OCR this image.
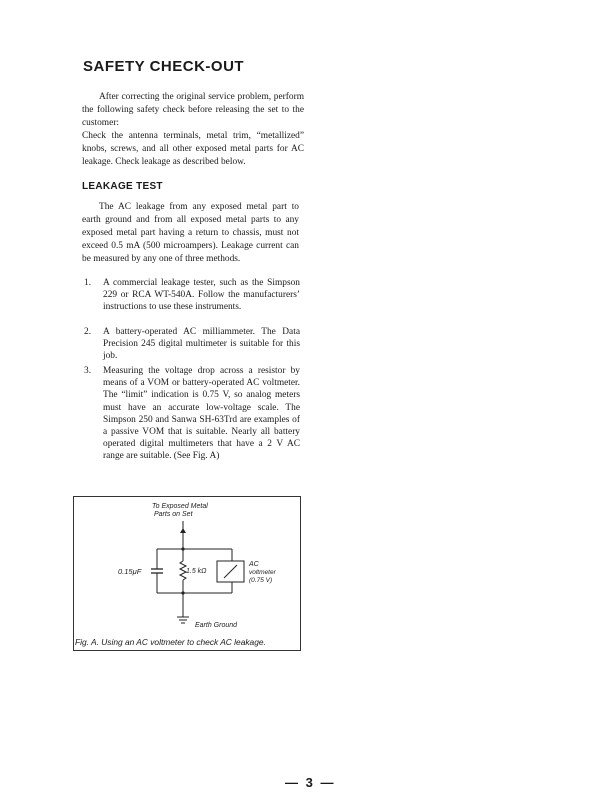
SAFETY CHECK-OUT
After correcting the original service problem, perform the following safety check before releasing the set to the customer:
Check the antenna terminals, metal trim, “metallized” knobs, screws, and all other exposed metal parts for AC leakage. Check leakage as described below.
LEAKAGE TEST
The AC leakage from any exposed metal part to earth ground and from all exposed metal parts to any exposed metal part having a return to chassis, must not exceed 0.5 mA (500 microampers). Leakage current can be measured by any one of three methods.
1.	A commercial leakage tester, such as the Simpson 229 or RCA WT-540A. Follow the manufacturers’ instructions to use these instruments.
2.	A battery-operated AC milliammeter. The Data Precision 245 digital multimeter is suitable for this job.
3.	Measuring the voltage drop across a resistor by means of a VOM or battery-operated AC voltmeter. The “limit” indication is 0.75 V, so analog meters must have an accurate low-voltage scale. The Simpson 250 and Sanwa SH-63Trd are examples of a passive VOM that is suitable. Nearly all battery operated digital multimeters that have a 2 V AC range are suitable. (See Fig. A)
To Exposed Metal
Parts on Set
0.15μF	1.5 kΩ
AC
voltmeter
(0.75 V)
Earth Ground
Fig. A. Using an AC voltmeter to check AC leakage.
— 3 —
